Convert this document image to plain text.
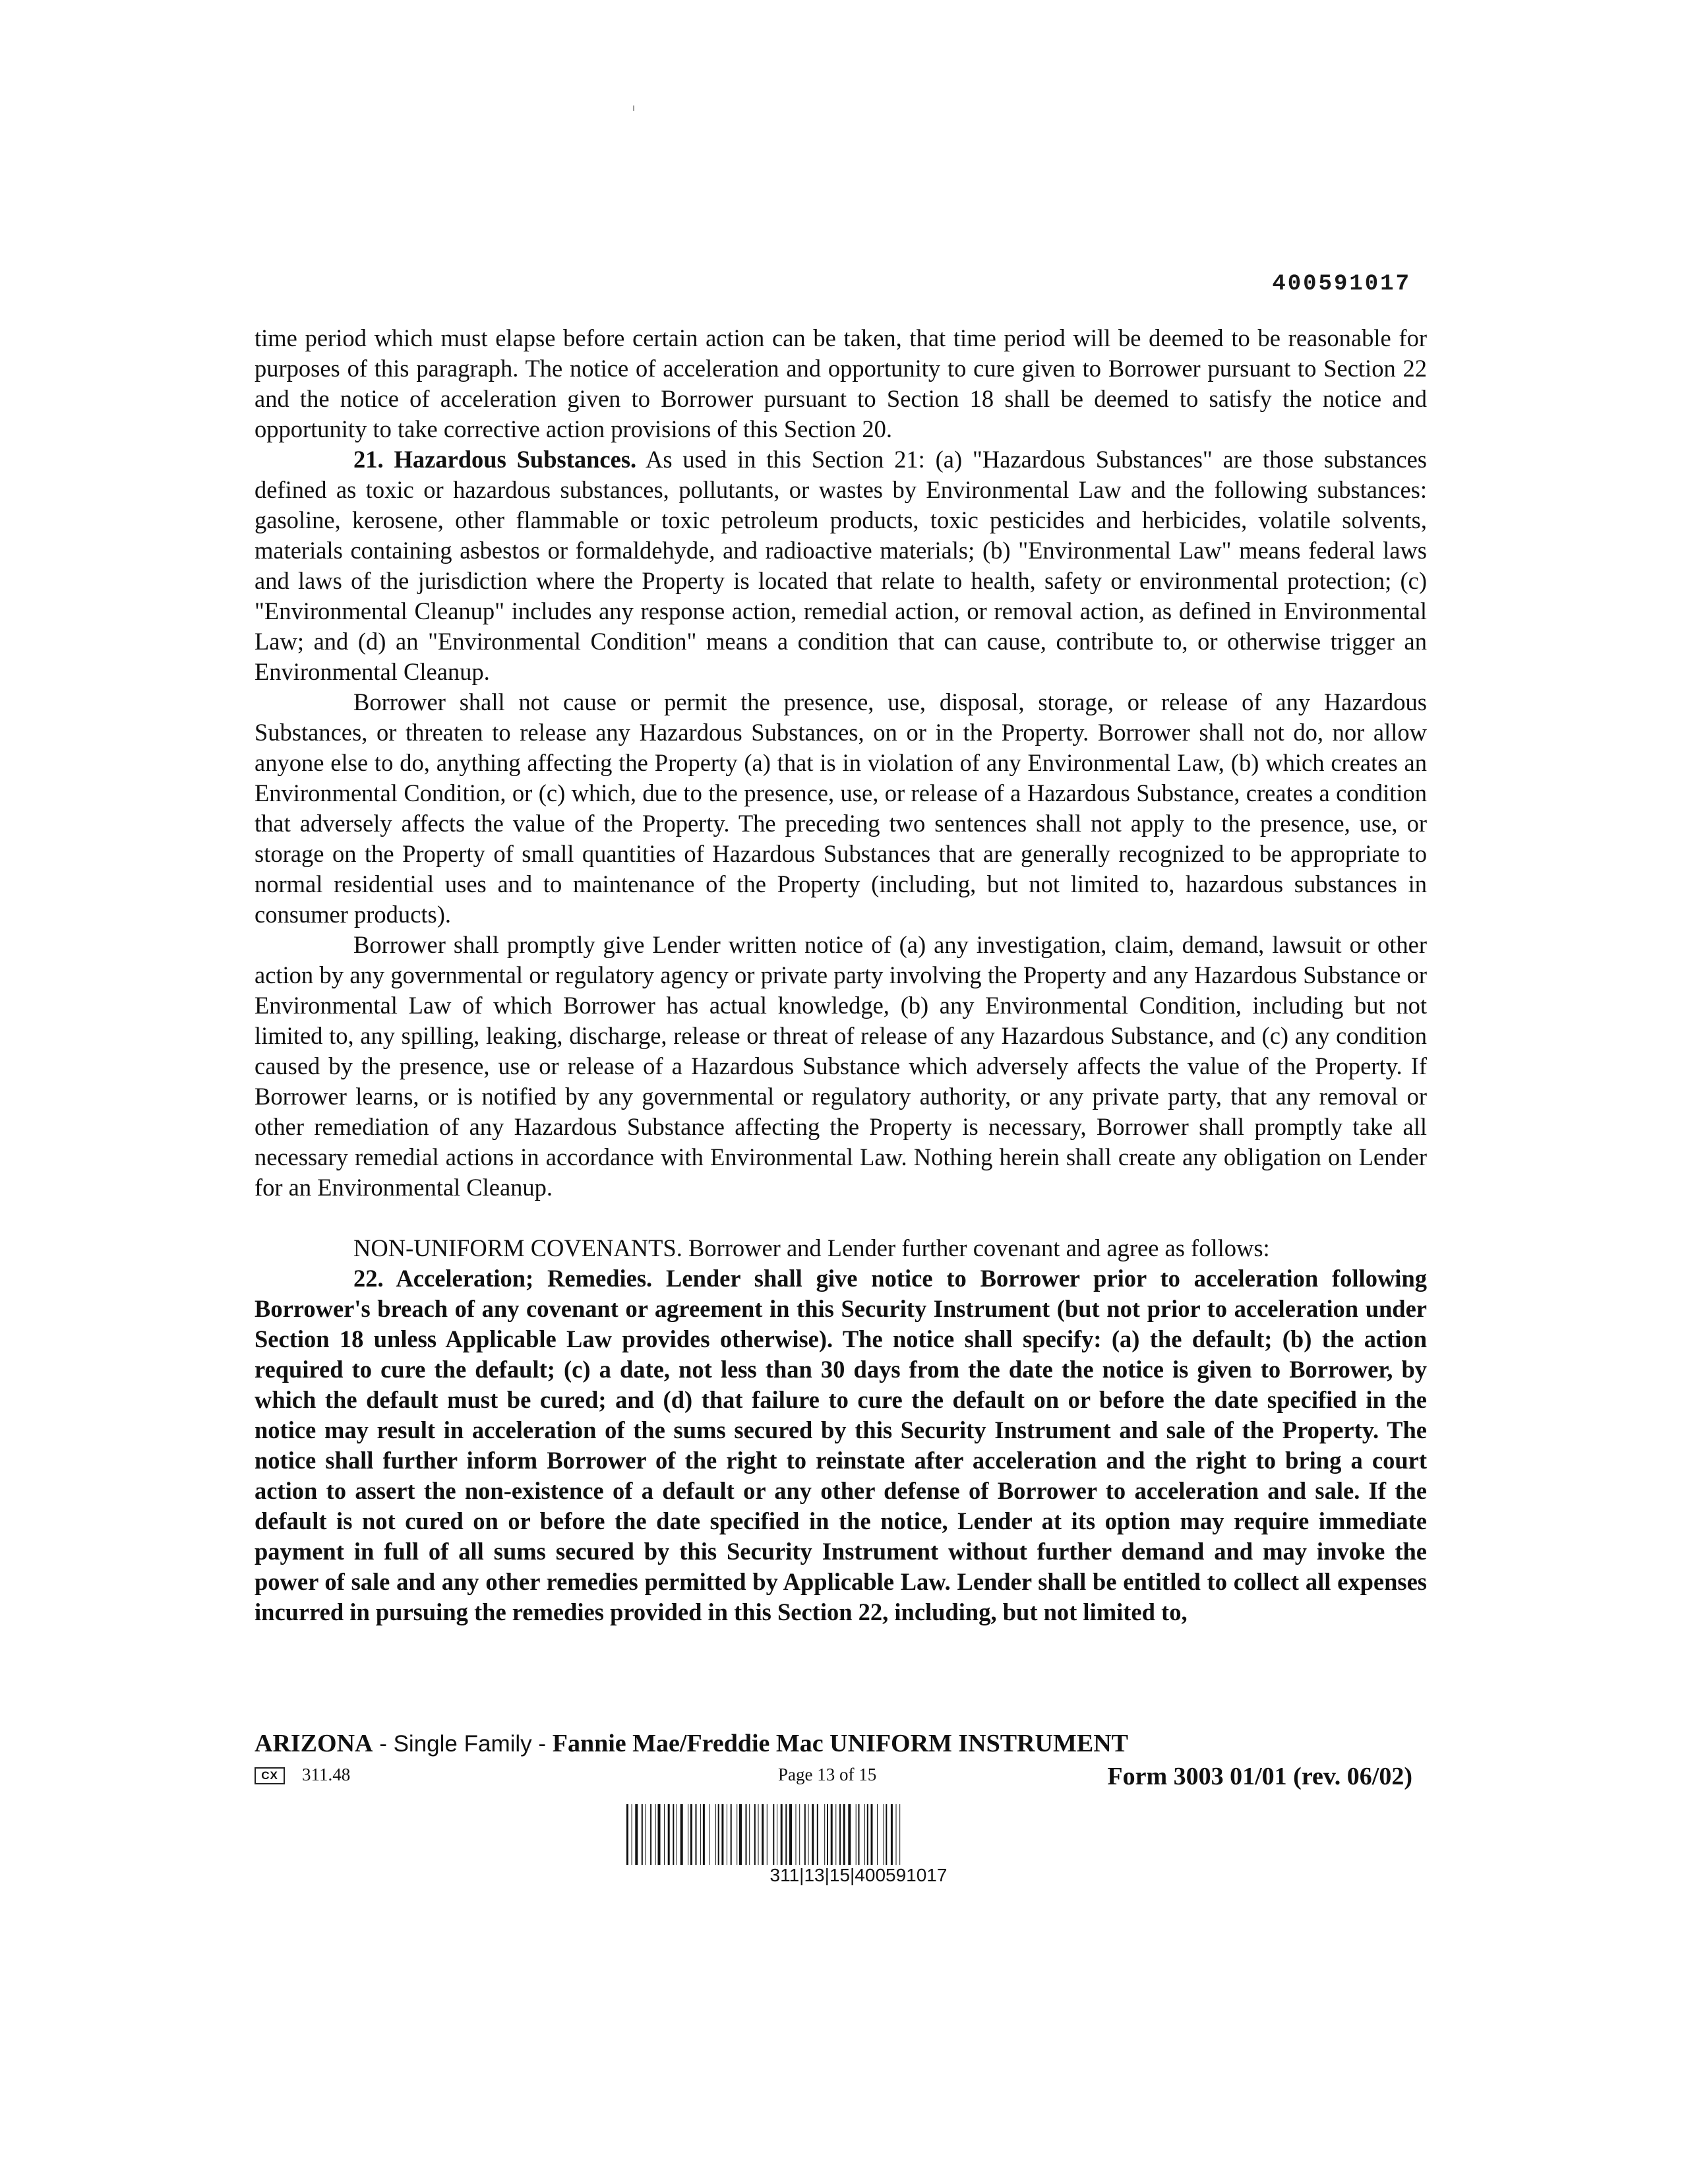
400591017

time period which must elapse before certain action can be taken, that time period will be deemed to be reasonable for purposes of this paragraph. The notice of acceleration and opportunity to cure given to Borrower pursuant to Section 22 and the notice of acceleration given to Borrower pursuant to Section 18 shall be deemed to satisfy the notice and opportunity to take corrective action provisions of this Section 20.

21. Hazardous Substances. As used in this Section 21: (a) "Hazardous Substances" are those substances defined as toxic or hazardous substances, pollutants, or wastes by Environmental Law and the following substances: gasoline, kerosene, other flammable or toxic petroleum products, toxic pesticides and herbicides, volatile solvents, materials containing asbestos or formaldehyde, and radioactive materials; (b) "Environmental Law" means federal laws and laws of the jurisdiction where the Property is located that relate to health, safety or environmental protection; (c) "Environmental Cleanup" includes any response action, remedial action, or removal action, as defined in Environmental Law; and (d) an "Environmental Condition" means a condition that can cause, contribute to, or otherwise trigger an Environmental Cleanup.

Borrower shall not cause or permit the presence, use, disposal, storage, or release of any Hazardous Substances, or threaten to release any Hazardous Substances, on or in the Property. Borrower shall not do, nor allow anyone else to do, anything affecting the Property (a) that is in violation of any Environmental Law, (b) which creates an Environmental Condition, or (c) which, due to the presence, use, or release of a Hazardous Substance, creates a condition that adversely affects the value of the Property. The preceding two sentences shall not apply to the presence, use, or storage on the Property of small quantities of Hazardous Substances that are generally recognized to be appropriate to normal residential uses and to maintenance of the Property (including, but not limited to, hazardous substances in consumer products).

Borrower shall promptly give Lender written notice of (a) any investigation, claim, demand, lawsuit or other action by any governmental or regulatory agency or private party involving the Property and any Hazardous Substance or Environmental Law of which Borrower has actual knowledge, (b) any Environmental Condition, including but not limited to, any spilling, leaking, discharge, release or threat of release of any Hazardous Substance, and (c) any condition caused by the presence, use or release of a Hazardous Substance which adversely affects the value of the Property. If Borrower learns, or is notified by any governmental or regulatory authority, or any private party, that any removal or other remediation of any Hazardous Substance affecting the Property is necessary, Borrower shall promptly take all necessary remedial actions in accordance with Environmental Law. Nothing herein shall create any obligation on Lender for an Environmental Cleanup.

NON-UNIFORM COVENANTS. Borrower and Lender further covenant and agree as follows:

22. Acceleration; Remedies. Lender shall give notice to Borrower prior to acceleration following Borrower's breach of any covenant or agreement in this Security Instrument (but not prior to acceleration under Section 18 unless Applicable Law provides otherwise). The notice shall specify: (a) the default; (b) the action required to cure the default; (c) a date, not less than 30 days from the date the notice is given to Borrower, by which the default must be cured; and (d) that failure to cure the default on or before the date specified in the notice may result in acceleration of the sums secured by this Security Instrument and sale of the Property. The notice shall further inform Borrower of the right to reinstate after acceleration and the right to bring a court action to assert the non-existence of a default or any other defense of Borrower to acceleration and sale. If the default is not cured on or before the date specified in the notice, Lender at its option may require immediate payment in full of all sums secured by this Security Instrument without further demand and may invoke the power of sale and any other remedies permitted by Applicable Law. Lender shall be entitled to collect all expenses incurred in pursuing the remedies provided in this Section 22, including, but not limited to,

ARIZONA - Single Family - Fannie Mae/Freddie Mac UNIFORM INSTRUMENT
CX	311.48	Page 13 of 15	Form 3003 01/01 (rev. 06/02)
311|13|15|400591017
